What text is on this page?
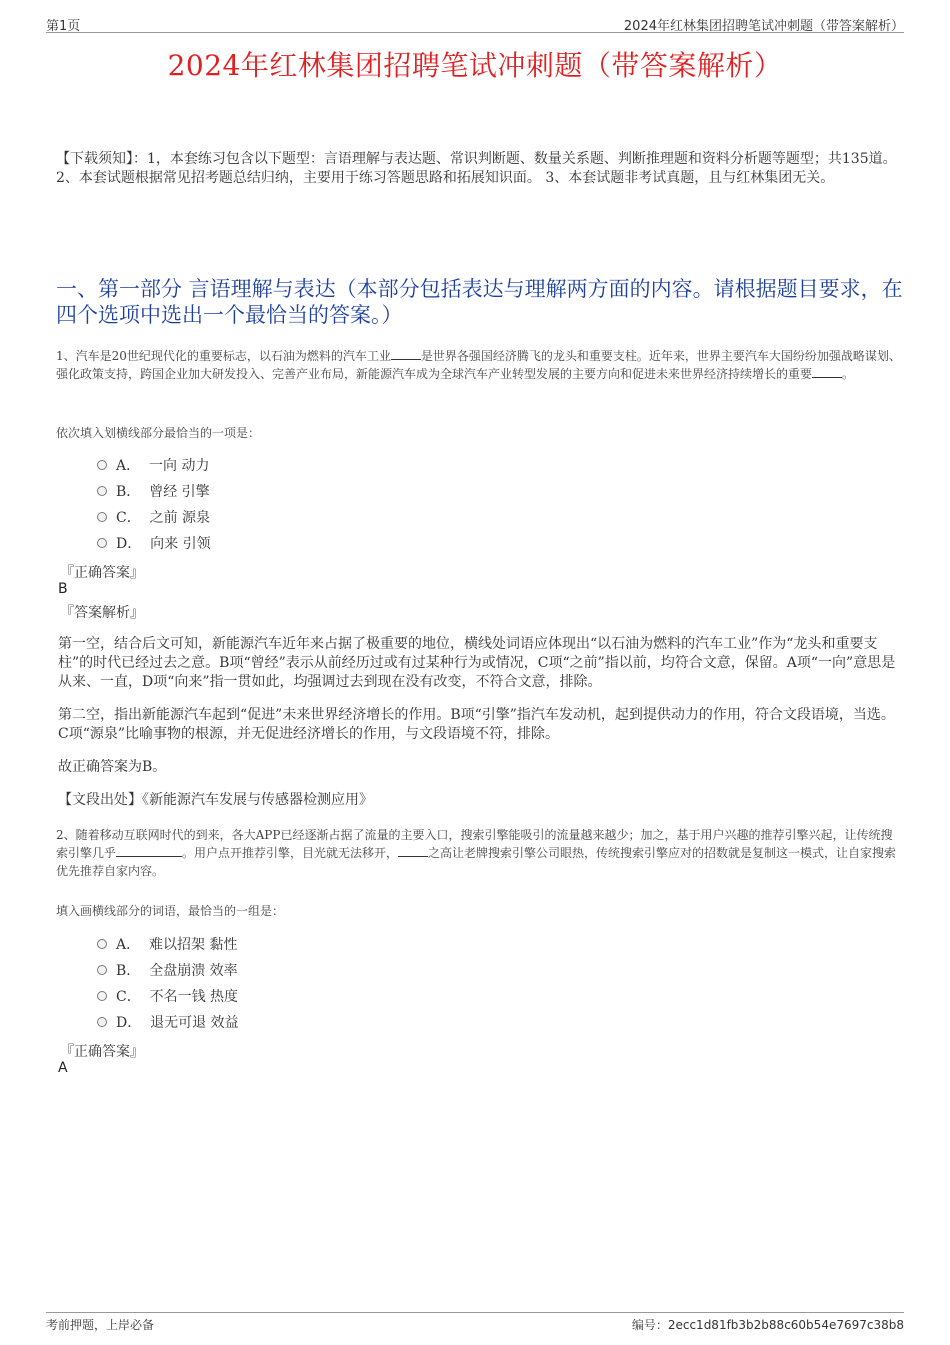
第1页	2024年红林集团招聘笔试冲刺题（带答案解析）
2024年红林集团招聘笔试冲刺题（带答案解析）
【下载须知】：1，本套练习包含以下题型：言语理解与表达题、常识判断题、数量关系题、判断推理题和资料分析题等题型；共135道。 2、本套试题根据常见招考题总结归纳，主要用于练习答题思路和拓展知识面。 3、本套试题非考试真题，且与红林集团无关。
一、第一部分 言语理解与表达（本部分包括表达与理解两方面的内容。请根据题目要求，在四个选项中选出一个最恰当的答案。）
1、汽车是20世纪现代化的重要标志，以石油为燃料的汽车工业	是世界各强国经济腾飞的龙头和重要支柱。近年来，世界主要汽车大国纷纷加强战略谋划、强化政策支持，跨国企业加大研发投入、完善产业布局，新能源汽车成为全球汽车产业转型发展的主要方向和促进未来世界经济持续增长的重要	。
依次填入划横线部分最恰当的一项是：
A．  一向 动力
B．  曾经 引擎
C．  之前 源泉
D．  向来 引领
『正确答案』
B
『答案解析』
第一空，结合后文可知，新能源汽车近年来占据了极重要的地位，横线处词语应体现出“以石油为燃料的汽车工业”作为“龙头和重要支柱”的时代已经过去之意。B项“曾经”表示从前经历过或有过某种行为或情况，C项“之前”指以前，均符合文意，保留。A项“一向”意思是从来、一直，D项“向来”指一贯如此，均强调过去到现在没有改变，不符合文意，排除。
第二空，指出新能源汽车起到“促进”未来世界经济增长的作用。B项“引擎”指汽车发动机，起到提供动力的作用，符合文段语境，当选。C项“源泉”比喻事物的根源，并无促进经济增长的作用，与文段语境不符，排除。
故正确答案为B。
【文段出处】《新能源汽车发展与传感器检测应用》
2、随着移动互联网时代的到来，各大APP已经逐渐占据了流量的主要入口，搜索引擎能吸引的流量越来越少；加之，基于用户兴趣的推荐引擎兴起，让传统搜索引擎几乎	。用户点开推荐引擎，目光就无法移开，	之高让老牌搜索引擎公司眼热，传统搜索引擎应对的招数就是复制这一模式，让自家搜索优先推荐自家内容。
填入画横线部分的词语，最恰当的一组是：
A．  难以招架 黏性
B．  全盘崩溃 效率
C．  不名一钱 热度
D．  退无可退 效益
『正确答案』
A
考前押题，上岸必备	编号：2ecc1d81fb3b2b88c60b54e7697c38b8
